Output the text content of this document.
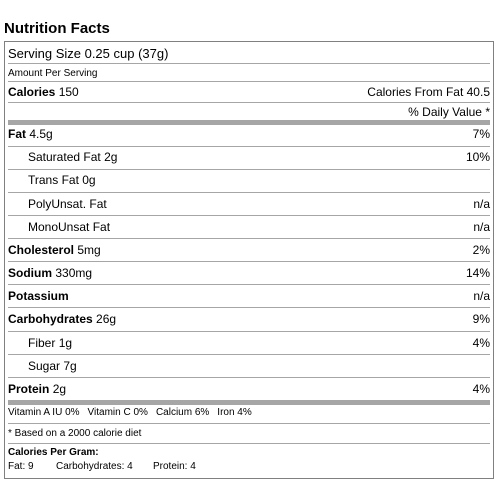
Nutrition Facts
Serving Size 0.25 cup (37g)
Amount Per Serving
Calories 150	Calories From Fat 40.5
% Daily Value *
Fat 4.5g	7%
Saturated Fat 2g	10%
Trans Fat 0g
PolyUnsat. Fat	n/a
MonoUnsat Fat	n/a
Cholesterol 5mg	2%
Sodium 330mg	14%
Potassium	n/a
Carbohydrates 26g	9%
Fiber 1g	4%
Sugar 7g
Protein 2g	4%
Vitamin A IU 0% Vitamin C 0% Calcium 6% Iron 4%
* Based on a 2000 calorie diet
Calories Per Gram:
Fat: 9	Carbohydrates: 4	Protein: 4
